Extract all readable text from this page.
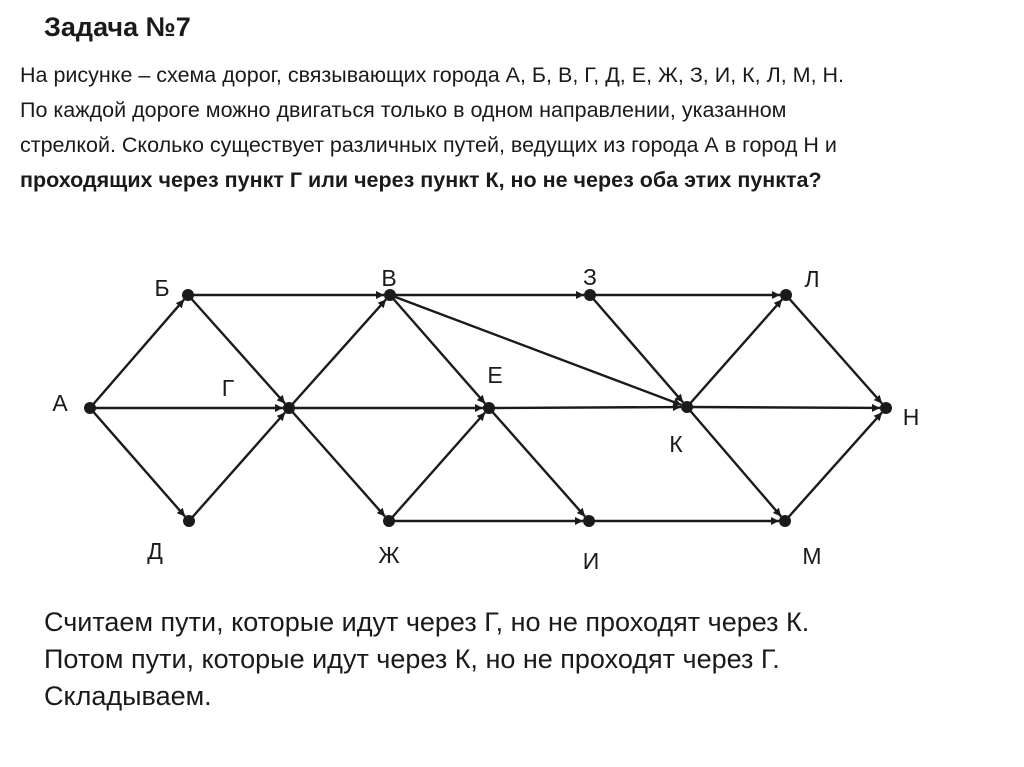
Задача №7
На рисунке – схема дорог, связывающих города А, Б, В, Г, Д, Е, Ж, З, И, К, Л, М, Н.
По каждой дороге можно двигаться только в одном направлении, указанном
стрелкой. Сколько существует различных путей, ведущих из города А в город Н и
проходящих через пункт Г или через пункт К, но не через оба этих пункта?
А
Б
Г
Д
В
Е
Ж
З
И
К
Л
М
Н
Считаем пути, которые идут через Г, но не проходят через К.
Потом пути, которые идут через К, но не проходят через Г.
Складываем.
